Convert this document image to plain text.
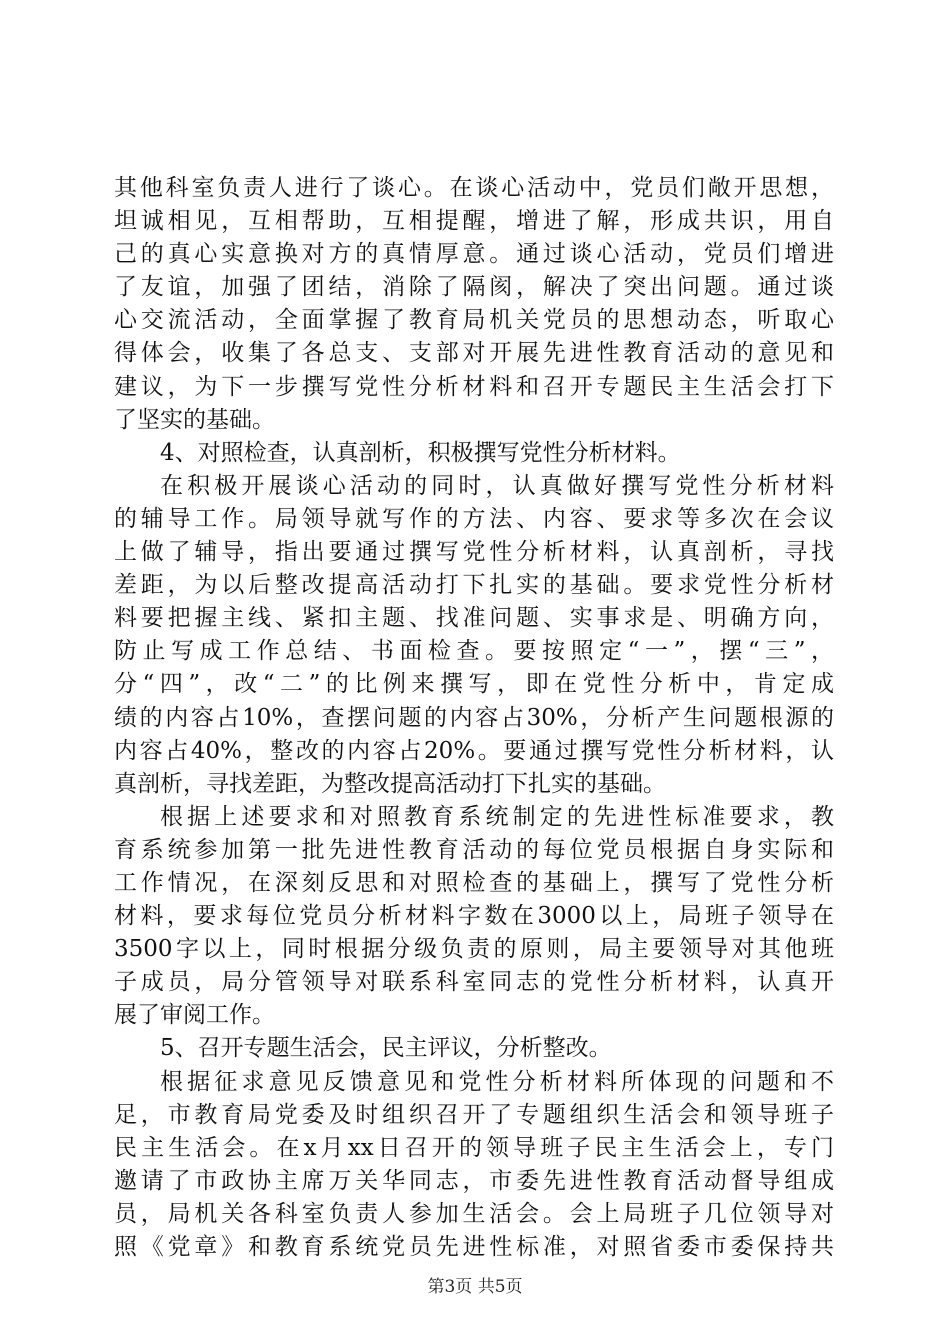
其他科室负责人进行了谈心。在谈心活动中，党员们敞开思想，
坦诚相见，互相帮助，互相提醒，增进了解，形成共识，用自
己的真心实意换对方的真情厚意。通过谈心活动，党员们增进
了友谊，加强了团结，消除了隔阂，解决了突出问题。通过谈
心交流活动，全面掌握了教育局机关党员的思想动态，听取心
得体会，收集了各总支、支部对开展先进性教育活动的意见和
建议，为下一步撰写党性分析材料和召开专题民主生活会打下
了坚实的基础。
4、对照检查，认真剖析，积极撰写党性分析材料。
在积极开展谈心活动的同时，认真做好撰写党性分析材料
的辅导工作。局领导就写作的方法、内容、要求等多次在会议
上做了辅导，指出要通过撰写党性分析材料，认真剖析，寻找
差距，为以后整改提高活动打下扎实的基础。要求党性分析材
料要把握主线、紧扣主题、找准问题、实事求是、明确方向，
防止写成工作总结、书面检查。要按照定“一”，摆“三”，
分“四”，改“二”的比例来撰写，即在党性分析中，肯定成
绩的内容占10%，查摆问题的内容占30%，分析产生问题根源的
内容占40%，整改的内容占20%。要通过撰写党性分析材料，认
真剖析，寻找差距，为整改提高活动打下扎实的基础。
根据上述要求和对照教育系统制定的先进性标准要求，教
育系统参加第一批先进性教育活动的每位党员根据自身实际和
工作情况，在深刻反思和对照检查的基础上，撰写了党性分析
材料，要求每位党员分析材料字数在3000以上，局班子领导在
3500字以上，同时根据分级负责的原则，局主要领导对其他班
子成员，局分管领导对联系科室同志的党性分析材料，认真开
展了审阅工作。
5、召开专题生活会，民主评议，分析整改。
根据征求意见反馈意见和党性分析材料所体现的问题和不
足，市教育局党委及时组织召开了专题组织生活会和领导班子
民主生活会。在x月xx日召开的领导班子民主生活会上，专门
邀请了市政协主席万关华同志，市委先进性教育活动督导组成
员，局机关各科室负责人参加生活会。会上局班子几位领导对
照《党章》和教育系统党员先进性标准，对照省委市委保持共
第3页 共5页
